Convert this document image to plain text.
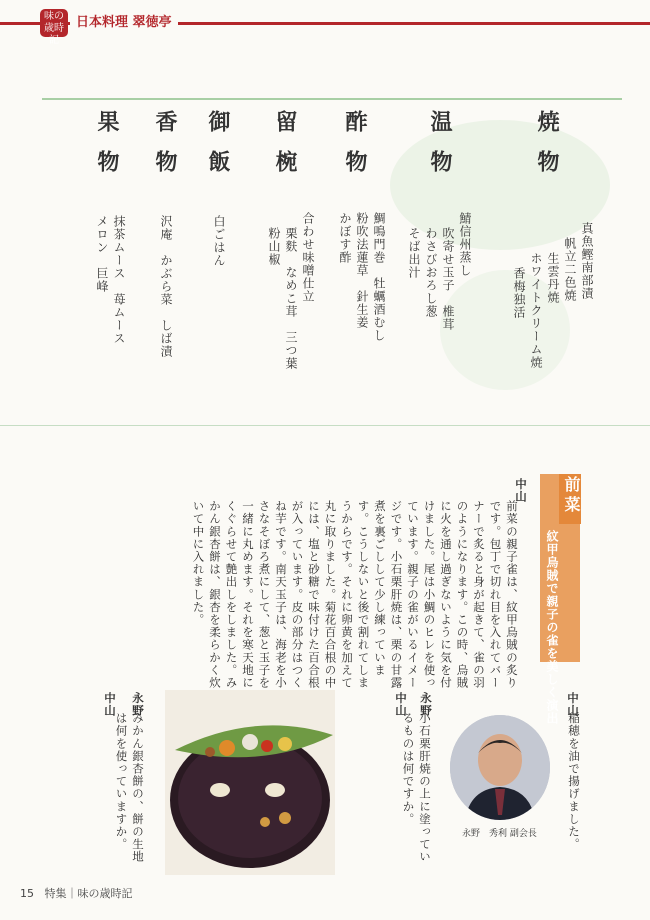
味の歳時記
日本料理 翠徳亭
焼物
温物
酢物
留椀
御飯
香物
果物
真魚鰹南部漬
帆立二色焼
生雲丹焼
ホワイトクリーム焼
香梅独活
鯖信州蒸し
吹寄せ玉子　椎茸
わさびおろし葱
そば出汁
鯛鳴門巻　牡蠣酒むし
粉吹法蓮草　針生姜
かぼす酢
合わせ味噌仕立
栗麩　なめこ茸　三つ葉
粉山椒
白ごはん
沢庵　かぶら菜　しば漬
抹茶ムース　苺ムース
メロン　巨峰
前菜
紋甲烏賊で親子の雀を美しく演出
中山
前菜の親子雀は、紋甲烏賊の炙りです。包丁で切れ目を入れてバーナーで炙ると身が起きて、雀の羽のようになります。この時、烏賊に火を通し過ぎないように気を付けました。尾は小鯛のヒレを使っています。親子の雀がいるイメージです。小石栗肝焼は、栗の甘露煮を裏ごしして少し練っています。こうしないと後で割れてしまうからです。それに卵黄を加えて丸に取りました。菊花百合根の中には、塩と砂糖で味付けた百合根が入っています。皮の部分はつくね芋です。南天玉子は、海老を小さなそぼろ煮にして、葱と玉子を一緒に丸めます。それを寒天地にくぐらせて艶出しをしました。みかん銀杏餅は、銀杏を柔らかく炊いて中に入れました。
中山
稲穂を油で揚げました。
永野
小石栗肝焼の上に塗っているものは何ですか。
中山
永野
みかん銀杏餅の、餅の生地は何を使っていますか。
中山
永野　秀利 副会長
15 特集｜味の歳時記
